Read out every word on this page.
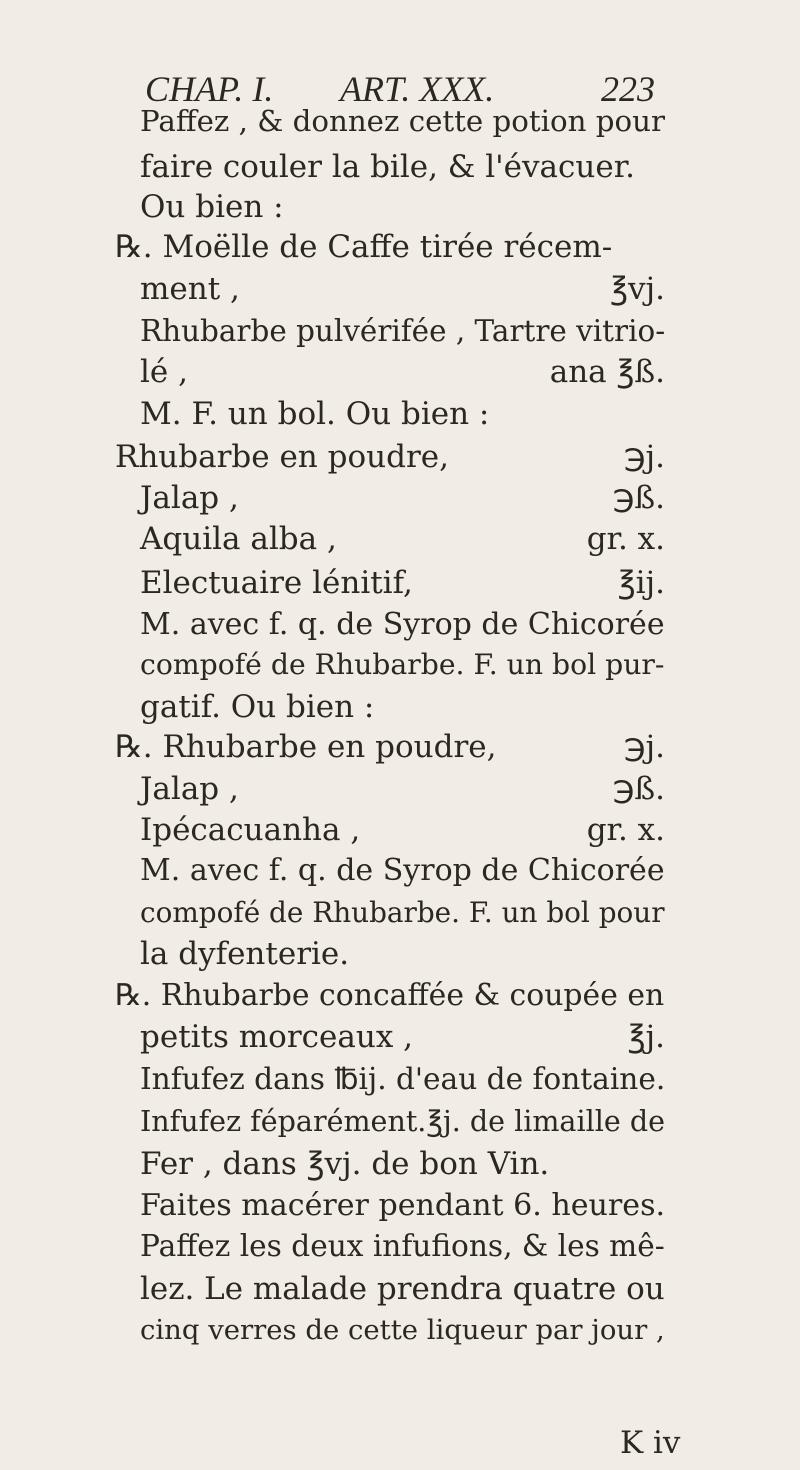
CHAP. I. ART. XXX.	223
Paffez , & donnez cette potion pour
faire couler la bile, & l'évacuer.
Ou bien :
℞. Moëlle de Caffe tirée récem-
ment ,	℥vj.
Rhubarbe pulvérifée , Tartre vitrio-
lé ,	ana ℥ß.
M. F. un bol. Ou bien :
Rhubarbe en poudre,	℈j.
Jalap ,	℈ß.
Aquila alba ,	gr. x.
Electuaire lénitif,	℥ij.
M. avec f. q. de Syrop de Chicorée
compofé de Rhubarbe. F. un bol pur-
gatif. Ou bien :
℞. Rhubarbe en poudre,	℈j.
Jalap ,	℈ß.
Ipécacuanha ,	gr. x.
M. avec f. q. de Syrop de Chicorée
compofé de Rhubarbe. F. un bol pour
la dyfenterie.
℞. Rhubarbe concaffée & coupée en
petits morceaux ,	℥j.
Infufez dans ℔ij. d'eau de fontaine.
Infufez féparément.℥j. de limaille de
Fer , dans ℥vj. de bon Vin.
Faites macérer pendant 6. heures.
Paffez les deux infufions, & les mê-
lez. Le malade prendra quatre ou
cinq verres de cette liqueur par jour ,
K iv
